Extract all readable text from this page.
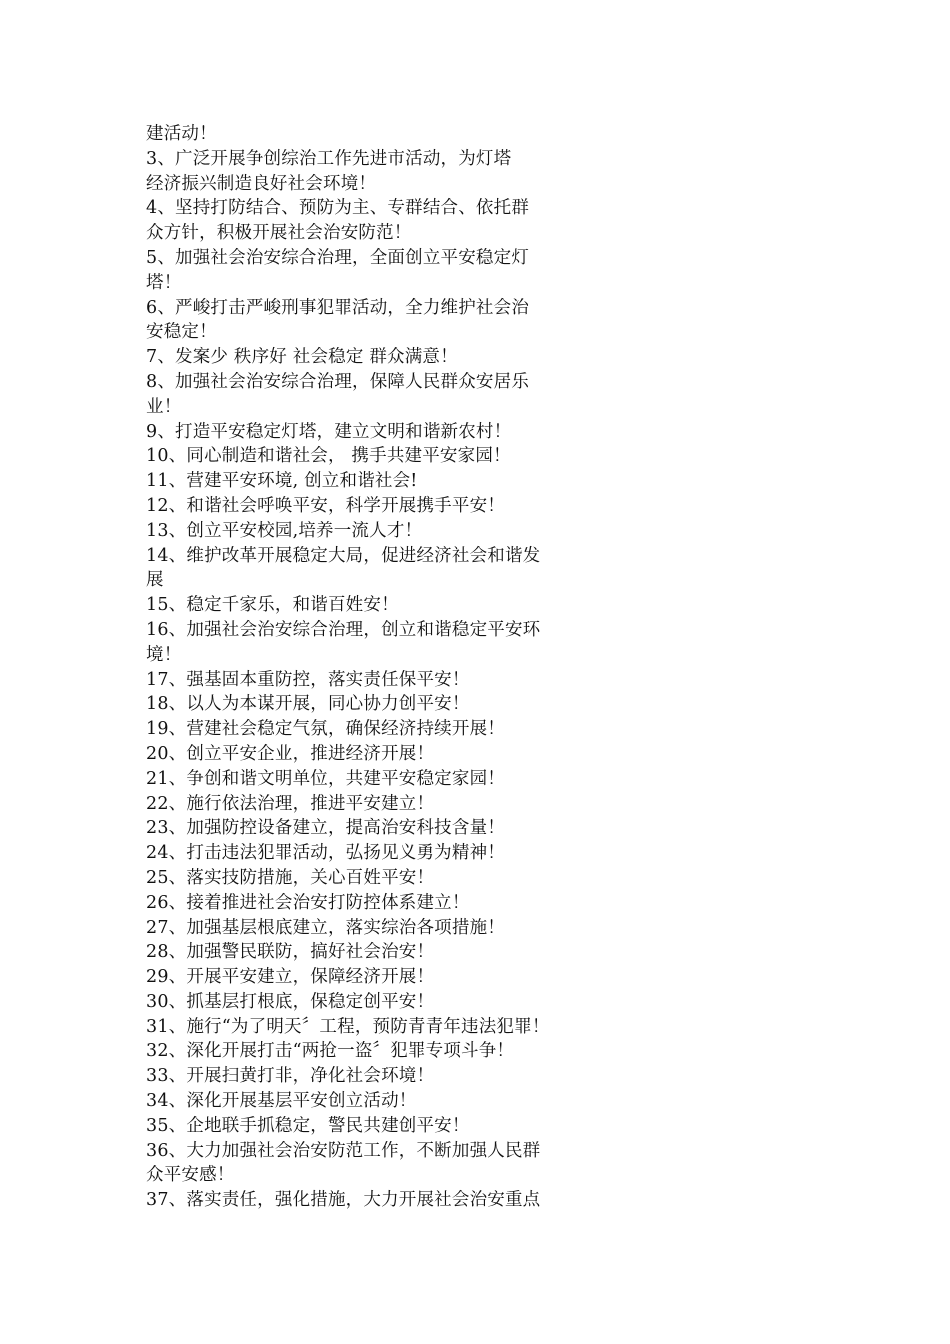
建活动！
3、广泛开展争创综治工作先进市活动，为灯塔
经济振兴制造良好社会环境！
4、坚持打防结合、预防为主、专群结合、依托群
众方针，积极开展社会治安防范！
5、加强社会治安综合治理，全面创立平安稳定灯
塔！
6、严峻打击严峻刑事犯罪活动，全力维护社会治
安稳定！
7、发案少 秩序好 社会稳定 群众满意！
8、加强社会治安综合治理，保障人民群众安居乐
业！
9、打造平安稳定灯塔，建立文明和谐新农村！
10、同心制造和谐社会， 携手共建平安家园！
11、营建平安环境, 创立和谐社会!
12、和谐社会呼唤平安，科学开展携手平安！
13、创立平安校园,培养一流人才！
14、维护改革开展稳定大局，促进经济社会和谐发
展
15、稳定千家乐，和谐百姓安！
16、加强社会治安综合治理，创立和谐稳定平安环
境！
17、强基固本重防控，落实责任保平安！
18、以人为本谋开展，同心协力创平安！
19、营建社会稳定气氛，确保经济持续开展！
20、创立平安企业，推进经济开展！
21、争创和谐文明单位，共建平安稳定家园！
22、施行依法治理，推进平安建立！
23、加强防控设备建立，提高治安科技含量！
24、打击违法犯罪活动，弘扬见义勇为精神！
25、落实技防措施，关心百姓平安！
26、接着推进社会治安打防控体系建立！
27、加强基层根底建立，落实综治各项措施！
28、加强警民联防，搞好社会治安！
29、开展平安建立，保障经济开展！
30、抓基层打根底，保稳定创平安！
31、施行“为了明天〞工程，预防青青年违法犯罪！
32、深化开展打击“两抢一盗〞犯罪专项斗争！
33、开展扫黄打非，净化社会环境！
34、深化开展基层平安创立活动！
35、企地联手抓稳定，警民共建创平安！
36、大力加强社会治安防范工作，不断加强人民群
众平安感！
37、落实责任，强化措施，大力开展社会治安重点
